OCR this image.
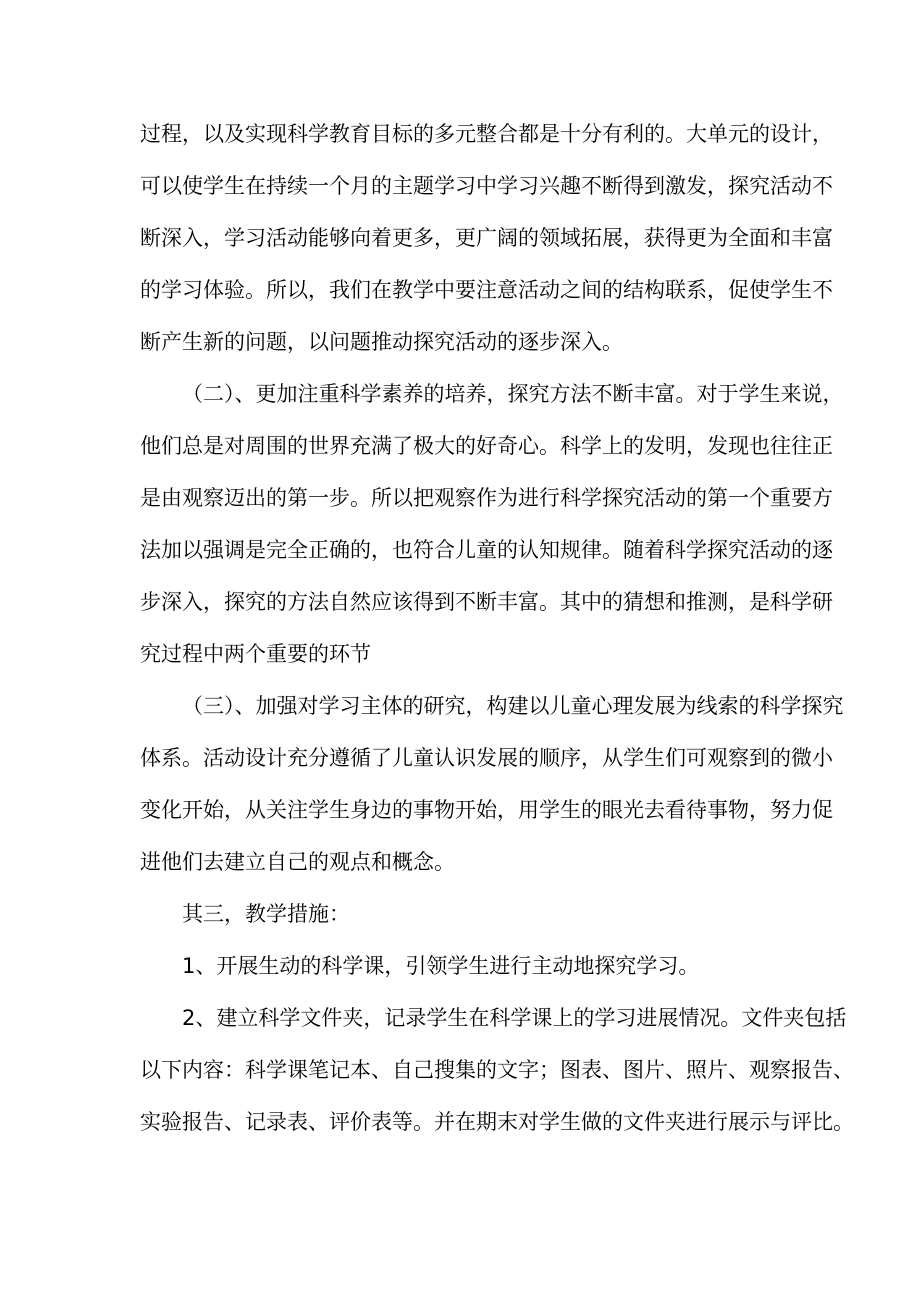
过程，以及实现科学教育目标的多元整合都是十分有利的。大单元的设计，
可以使学生在持续一个月的主题学习中学习兴趣不断得到激发，探究活动不
断深入，学习活动能够向着更多，更广阔的领域拓展，获得更为全面和丰富
的学习体验。所以，我们在教学中要注意活动之间的结构联系，促使学生不
断产生新的问题，以问题推动探究活动的逐步深入。
（二）、更加注重科学素养的培养，探究方法不断丰富。对于学生来说，
他们总是对周围的世界充满了极大的好奇心。科学上的发明，发现也往往正
是由观察迈出的第一步。所以把观察作为进行科学探究活动的第一个重要方
法加以强调是完全正确的，也符合儿童的认知规律。随着科学探究活动的逐
步深入，探究的方法自然应该得到不断丰富。其中的猜想和推测，是科学研
究过程中两个重要的环节
（三）、加强对学习主体的研究，构建以儿童心理发展为线索的科学探究
体系。活动设计充分遵循了儿童认识发展的顺序，从学生们可观察到的微小
变化开始，从关注学生身边的事物开始，用学生的眼光去看待事物，努力促
进他们去建立自己的观点和概念。
其三，教学措施：
1、开展生动的科学课，引领学生进行主动地探究学习。
2、建立科学文件夹，记录学生在科学课上的学习进展情况。文件夹包括
以下内容：科学课笔记本、自己搜集的文字；图表、图片、照片、观察报告、
实验报告、记录表、评价表等。并在期末对学生做的文件夹进行展示与评比。
